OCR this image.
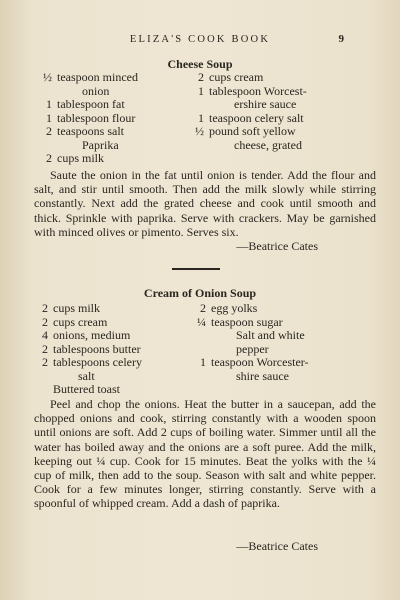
ELIZA'S COOK BOOK	9
Cheese Soup
½ teaspoon minced
onion
1 tablespoon fat
1 tablespoon flour
2 teaspoons salt
Paprika
2 cups milk
2 cups cream
1 tablespoon Worcest-
ershire sauce
1 teaspoon celery salt
½ pound soft yellow
cheese, grated
Saute the onion in the fat until onion is tender. Add the flour and salt, and stir until smooth. Then add the milk slowly while stirring constantly. Next add the grated cheese and cook until smooth and thick. Sprinkle with paprika. Serve with crackers. May be garnished with minced olives or pimento. Serves six.
—Beatrice Cates
Cream of Onion Soup
2 cups milk
2 cups cream
4 onions, medium
2 tablespoons butter
2 tablespoons celery
salt
Buttered toast
2 egg yolks
¼ teaspoon sugar
Salt and white
pepper
1 teaspoon Worcester-
shire sauce
Peel and chop the onions. Heat the butter in a saucepan, add the chopped onions and cook, stirring constantly with a wooden spoon until onions are soft. Add 2 cups of boiling water. Simmer until all the water has boiled away and the onions are a soft puree. Add the milk, keeping out ¼ cup. Cook for 15 minutes. Beat the yolks with the ¼ cup of milk, then add to the soup. Season with salt and white pepper. Cook for a few minutes longer, stirring constantly. Serve with a spoonful of whipped cream. Add a dash of paprika.
—Beatrice Cates
